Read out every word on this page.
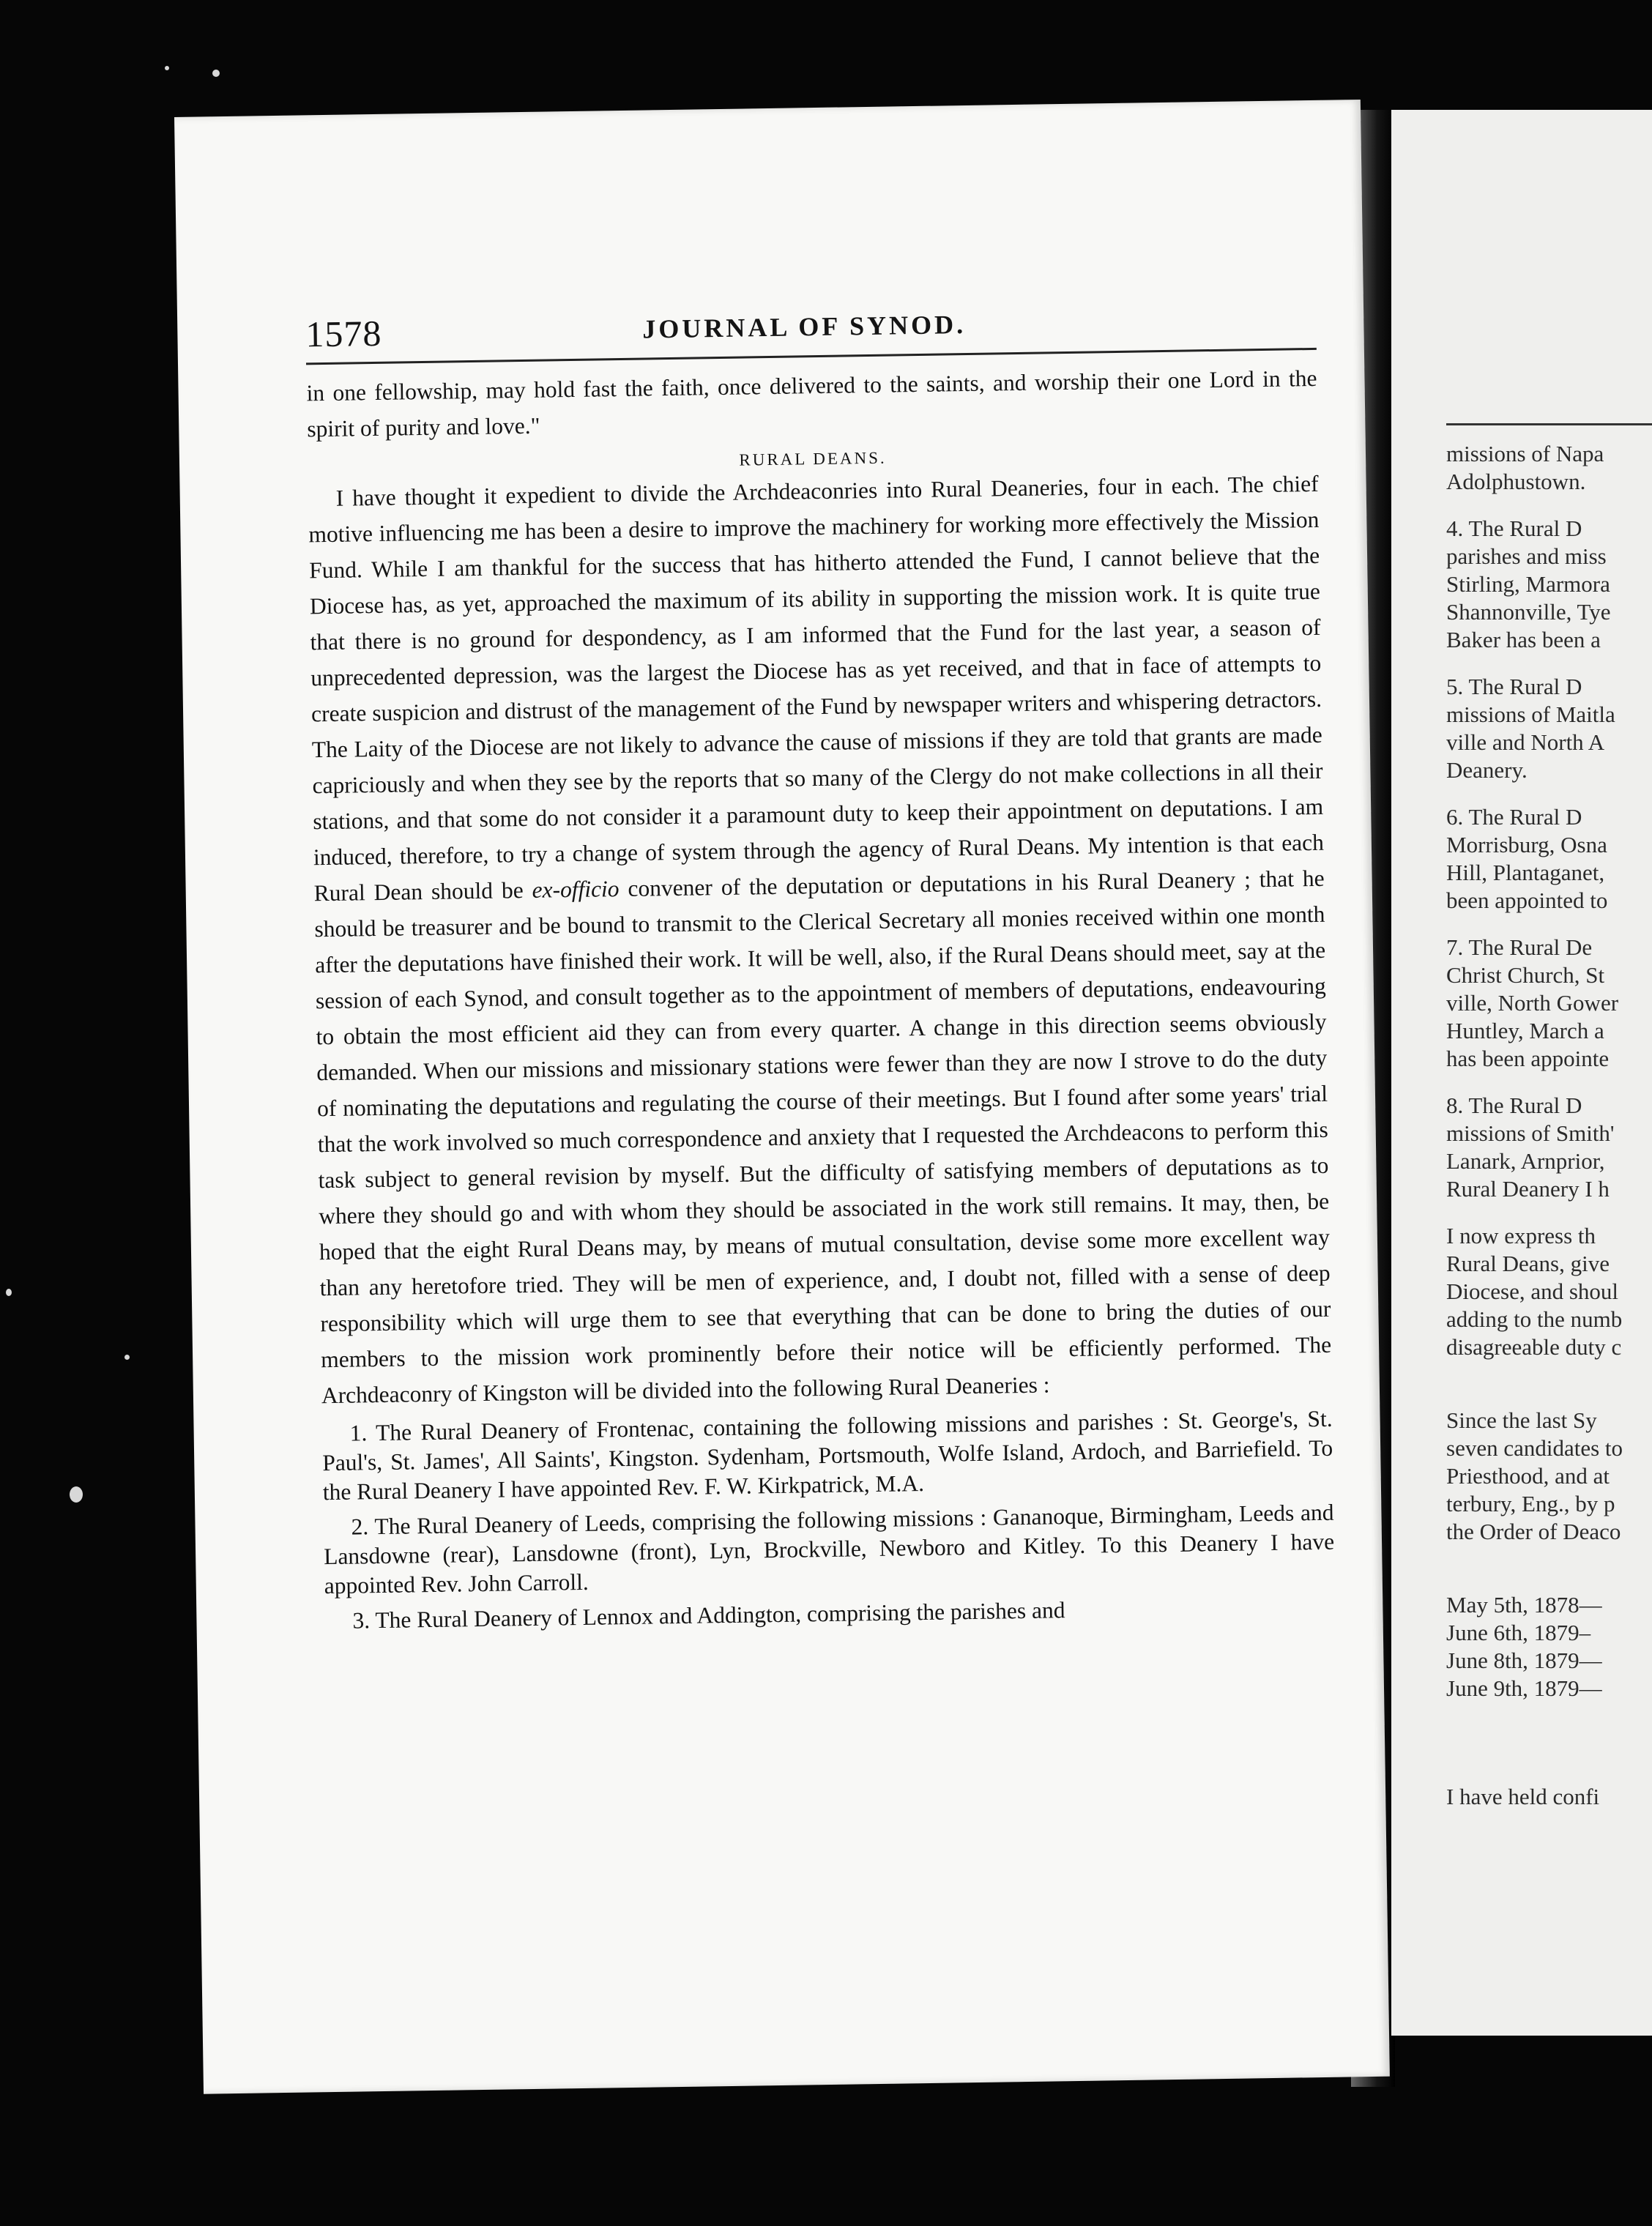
missions of Napa

Adolphustown.

4. The Rural D

parishes and miss

Stirling, Marmora

Shannonville, Tye

Baker has been a

5. The Rural D

missions of Maitla

ville and North A

Deanery.

6. The Rural D

Morrisburg, Osna

Hill, Plantaganet,

been appointed to

7. The Rural De

Christ Church, St

ville, North Gower

Huntley, March a

has been appointe

8. The Rural D

missions of Smith'

Lanark, Arnprior,

Rural Deanery I h

I now express th

Rural Deans, give

Diocese, and shoul

adding to the numb

disagreeable duty c

Since the last Sy

seven candidates to

Priesthood, and at

terbury, Eng., by p

the Order of Deaco

May 5th, 1878—

June 6th, 1879–

June 8th, 1879—

June 9th, 1879—

I have held confi

1578	JOURNAL OF SYNOD.

in one fellowship, may hold fast the faith, once delivered to the saints, and worship their one Lord in the spirit of purity and love."

RURAL DEANS.

I have thought it expedient to divide the Archdeaconries into Rural Deaneries, four in each. The chief motive influencing me has been a desire to improve the machinery for working more effectively the Mission Fund. While I am thankful for the success that has hitherto attended the Fund, I cannot believe that the Diocese has, as yet, approached the maximum of its ability in supporting the mission work. It is quite true that there is no ground for despondency, as I am informed that the Fund for the last year, a season of unprecedented depression, was the largest the Diocese has as yet received, and that in face of attempts to create suspicion and distrust of the management of the Fund by newspaper writers and whispering detractors. The Laity of the Diocese are not likely to advance the cause of missions if they are told that grants are made capriciously and when they see by the reports that so many of the Clergy do not make collections in all their stations, and that some do not consider it a paramount duty to keep their appointment on deputations. I am induced, therefore, to try a change of system through the agency of Rural Deans. My intention is that each Rural Dean should be ex-officio convener of the deputation or deputations in his Rural Deanery ; that he should be treasurer and be bound to transmit to the Clerical Secretary all monies received within one month after the deputations have finished their work. It will be well, also, if the Rural Deans should meet, say at the session of each Synod, and consult together as to the appointment of members of deputations, endeavouring to obtain the most efficient aid they can from every quarter. A change in this direction seems obviously demanded. When our missions and missionary stations were fewer than they are now I strove to do the duty of nominating the deputations and regulating the course of their meetings. But I found after some years' trial that the work involved so much correspondence and anxiety that I requested the Archdeacons to perform this task subject to general revision by myself. But the difficulty of satisfying members of deputations as to where they should go and with whom they should be associated in the work still remains. It may, then, be hoped that the eight Rural Deans may, by means of mutual consultation, devise some more excellent way than any heretofore tried. They will be men of experience, and, I doubt not, filled with a sense of deep responsibility which will urge them to see that everything that can be done to bring the duties of our members to the mission work prominently before their notice will be efficiently performed. The Archdeaconry of Kingston will be divided into the following Rural Deaneries :

1. The Rural Deanery of Frontenac, containing the following missions and parishes : St. George's, St. Paul's, St. James', All Saints', Kingston. Sydenham, Portsmouth, Wolfe Island, Ardoch, and Barriefield. To the Rural Deanery I have appointed Rev. F. W. Kirkpatrick, M.A.

2. The Rural Deanery of Leeds, comprising the following missions : Gananoque, Birmingham, Leeds and Lansdowne (rear), Lansdowne (front), Lyn, Brockville, Newboro and Kitley. To this Deanery I have appointed Rev. John Carroll.

3. The Rural Deanery of Lennox and Addington, comprising the parishes and
